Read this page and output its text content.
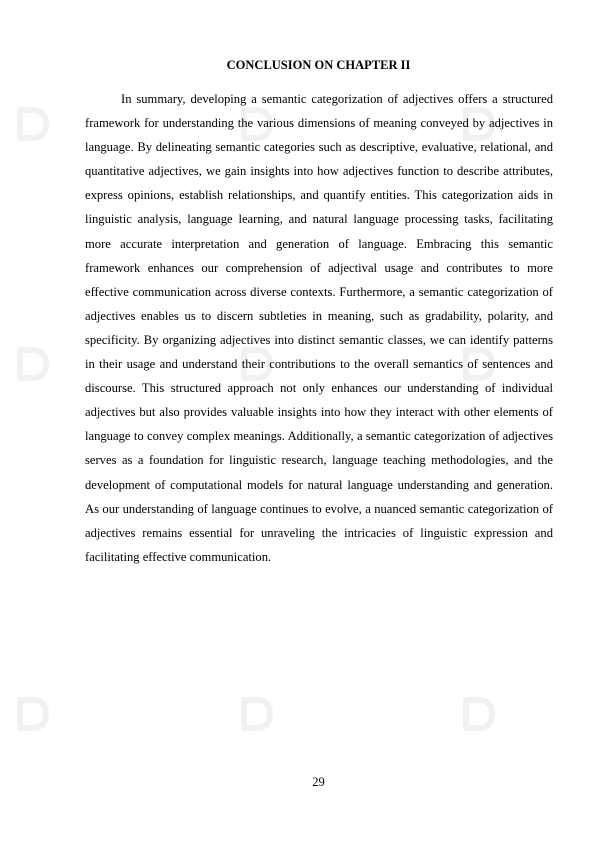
CONCLUSION ON CHAPTER II

In summary, developing a semantic categorization of adjectives offers a structured framework for understanding the various dimensions of meaning conveyed by adjectives in language. By delineating semantic categories such as descriptive, evaluative, relational, and quantitative adjectives, we gain insights into how adjectives function to describe attributes, express opinions, establish relationships, and quantify entities. This categorization aids in linguistic analysis, language learning, and natural language processing tasks, facilitating more accurate interpretation and generation of language. Embracing this semantic framework enhances our comprehension of adjectival usage and contributes to more effective communication across diverse contexts. Furthermore, a semantic categorization of adjectives enables us to discern subtleties in meaning, such as gradability, polarity, and specificity. By organizing adjectives into distinct semantic classes, we can identify patterns in their usage and understand their contributions to the overall semantics of sentences and discourse. This structured approach not only enhances our understanding of individual adjectives but also provides valuable insights into how they interact with other elements of language to convey complex meanings. Additionally, a semantic categorization of adjectives serves as a foundation for linguistic research, language teaching methodologies, and the development of computational models for natural language understanding and generation. As our understanding of language continues to evolve, a nuanced semantic categorization of adjectives remains essential for unraveling the intricacies of linguistic expression and facilitating effective communication.

29
